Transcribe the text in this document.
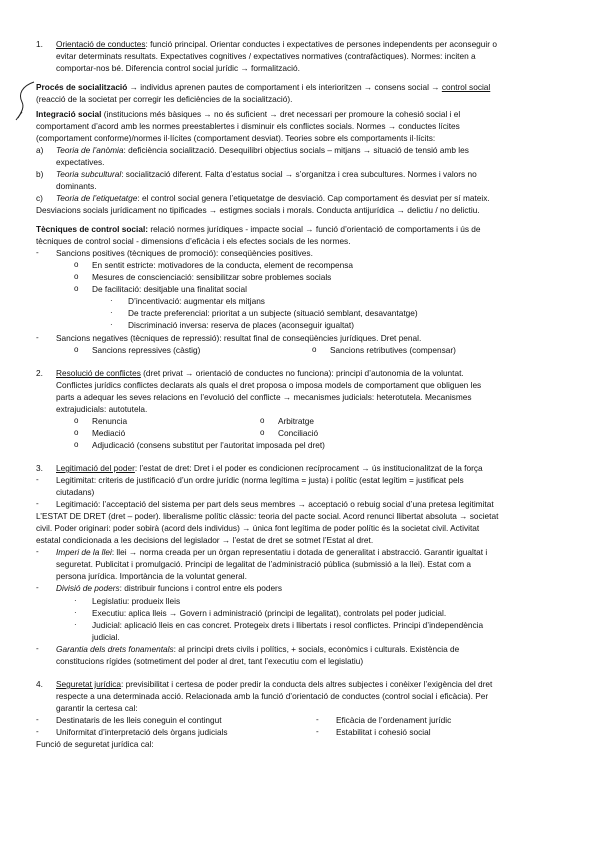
1. Orientació de conductes: funció principal. Orientar conductes i expectatives de persones independents per aconseguir o
evitar determinats resultats. Expectatives cognitives / expectatives normatives (contrafàctiques). Normes: inciten a
comportar-nos bé. Diferencia control social jurídic → formalització.
Procés de socialització → individus aprenen pautes de comportament i els interioritzen → consens social → control social
(reacció de la societat per corregir les deficiències de la socialització).
Integració social (institucions més bàsiques → no és suficient → dret necessari per promoure la cohesió social i el
comportament d’acord amb les normes preestablertes i disminuir els conflictes socials. Normes → conductes lícites
(comportament conforme)/normes il·lícites (comportament desviat). Teories sobre els comportaments il·lícits:
a) Teoria de l’anòmia: deficiència socialització. Desequilibri objectius socials – mitjans → situació de tensió amb les
expectatives.
b) Teoria subcultural: socialització diferent. Falta d’estatus social → s’organitza i crea subcultures. Normes i valors no
dominants.
c) Teoria de l’etiquetatge: el control social genera l’etiquetatge de desviació. Cap comportament és desviat per sí mateix.
Desviacions socials jurídicament no tipificades → estigmes socials i morals. Conducta antijurídica → delictiu / no delictiu.
Tècniques de control social: relació normes jurídiques - impacte social → funció d’orientació de comportaments i ús de
tècniques de control social - dimensions d’eficàcia i els efectes socials de les normes.
- Sancions positives (tècniques de promoció): conseqüències positives.
o En sentit estricte: motivadores de la conducta, element de recompensa
o Mesures de conscienciació: sensibilitzar sobre problemes socials
o De facilitació: desitjable una finalitat social
· D’incentivació: augmentar els mitjans
· De tracte preferencial: prioritat a un subjecte (situació semblant, desavantatge)
· Discriminació inversa: reserva de places (aconseguir igualtat)
- Sancions negatives (tècniques de repressió): resultat final de conseqüències jurídiques. Dret penal.
o Sancions repressives (càstig)	o Sancions retributives (compensar)
2. Resolució de conflictes (dret privat → orientació de conductes no funciona): principi d’autonomia de la voluntat.
Conflictes jurídics conflictes declarats als quals el dret proposa o imposa models de comportament que obliguen les
parts a adequar les seves relacions en l’evolució del conflicte → mecanismes judicials: heterotutela. Mecanismes
extrajudicials: autotutela.
o Renuncia	o Arbitratge
o Mediació	o Conciliació
o Adjudicació (consens substitut per l’autoritat imposada pel dret)
3. Legitimació del poder: l’estat de dret: Dret i el poder es condicionen recíprocament → ús institucionalitzat de la força
- Legitimitat: criteris de justificació d’un ordre jurídic (norma legítima = justa) i polític (estat legítim = justificat pels
ciutadans)
- Legitimació: l’acceptació del sistema per part dels seus membres → acceptació o rebuig social d’una pretesa legitimitat
L’ESTAT DE DRET (dret – poder). liberalisme polític clàssic: teoria del pacte social. Acord renunci llibertat absoluta → societat
civil. Poder originari: poder sobirà (acord dels individus) → única font legítima de poder polític és la societat civil. Activitat
estatal condicionada a les decisions del legislador → l’estat de dret se sotmet l’Estat al dret.
- Imperi de la llei: llei → norma creada per un òrgan representatiu i dotada de generalitat i abstracció. Garantir igualtat i
seguretat. Publicitat i promulgació. Principi de legalitat de l’administració pública (submissió a la llei). Estat com a
persona jurídica. Importància de la voluntat general.
- Divisió de poders: distribuir funcions i control entre els poders
· Legislatiu: produeix lleis
· Executiu: aplica lleis → Govern i administració (principi de legalitat), controlats pel poder judicial.
· Judicial: aplicació lleis en cas concret. Protegeix drets i llibertats i resol conflictes. Principi d’independència
judicial.
- Garantia dels drets fonamentals: al principi drets civils i polítics, + socials, econòmics i culturals. Existència de
constitucions rígides (sotmetiment del poder al dret, tant l’executiu com el legislatiu)
4. Seguretat jurídica: previsibilitat i certesa de poder predir la conducta dels altres subjectes i conèixer l’exigència del dret
respecte a una determinada acció. Relacionada amb la funció d’orientació de conductes (control social i eficàcia). Per
garantir la certesa cal:
- Destinataris de les lleis coneguin el contingut	- Eficàcia de l’ordenament jurídic
- Uniformitat d’interpretació dels òrgans judicials	- Estabilitat i cohesió social
Funció de seguretat jurídica cal:
